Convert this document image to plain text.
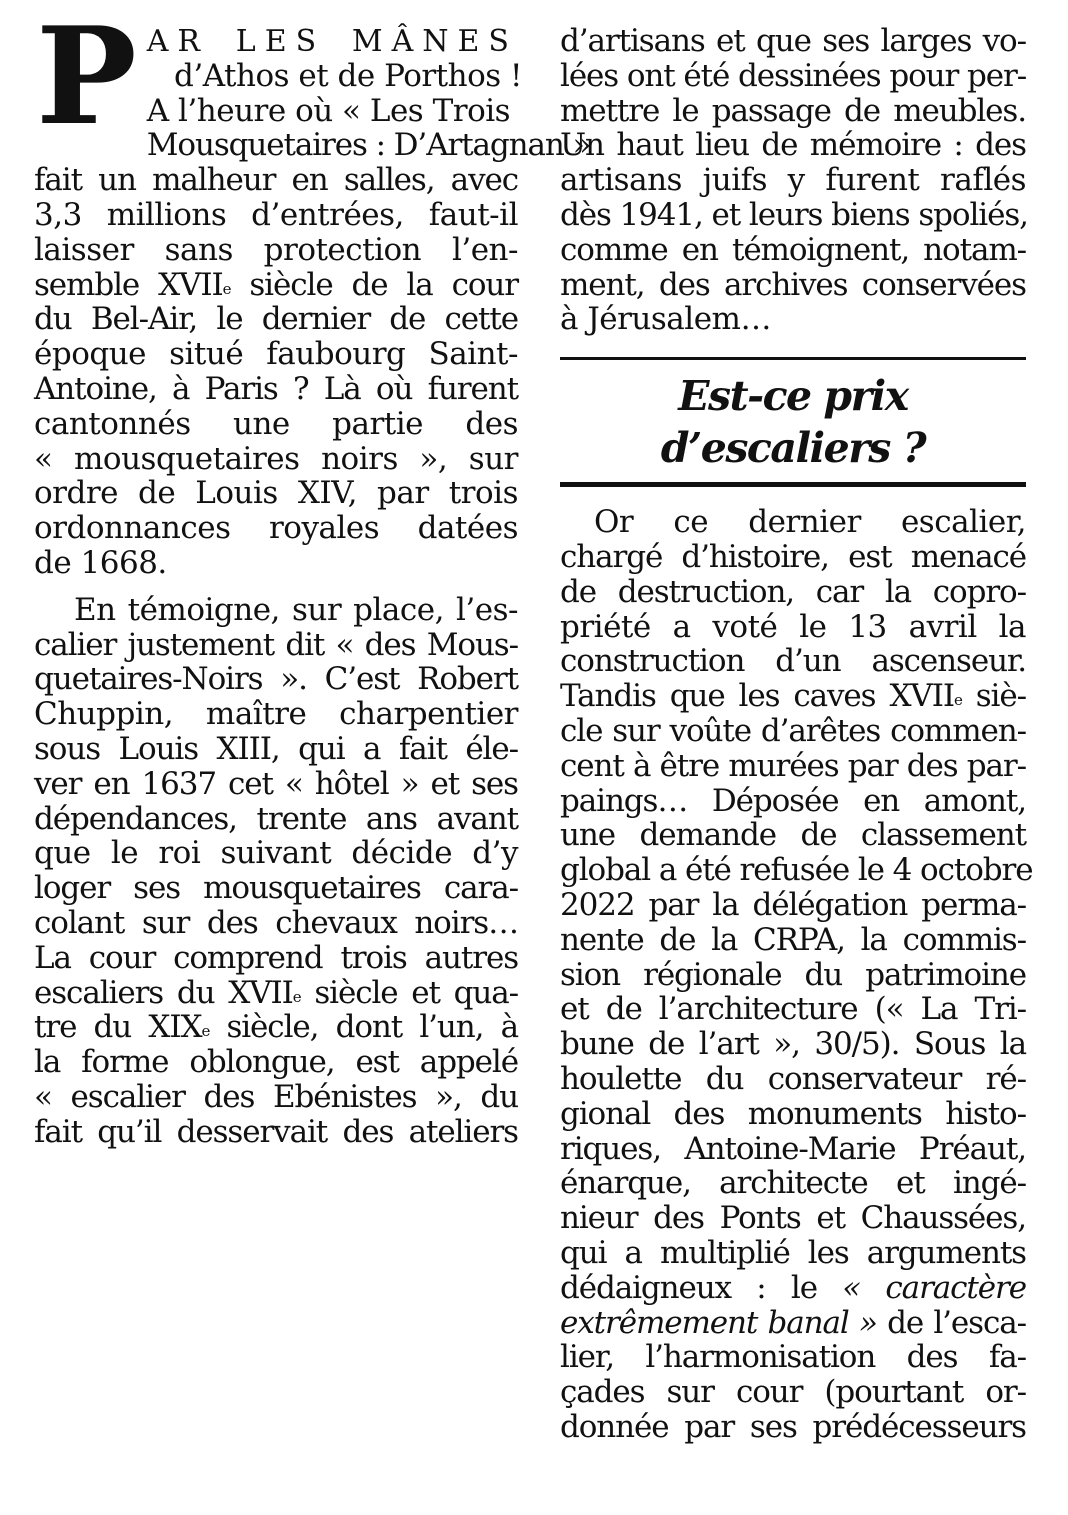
P AR LES MÂNES
d’Athos et de Porthos !
A l’heure où « Les Trois
Mousquetaires : D’Artagnan »
fait un malheur en salles, avec
3,3 millions d’entrées, faut-il
laisser sans protection l’en-
semble XVIIe siècle de la cour
du Bel-Air, le dernier de cette
époque situé faubourg Saint-
Antoine, à Paris ? Là où furent
cantonnés une partie des
« mousquetaires noirs », sur
ordre de Louis XIV, par trois
ordonnances royales datées
de 1668.
En témoigne, sur place, l’es-
calier justement dit « des Mous-
quetaires-Noirs ». C’est Robert
Chuppin, maître charpentier
sous Louis XIII, qui a fait éle-
ver en 1637 cet « hôtel » et ses
dépendances, trente ans avant
que le roi suivant décide d’y
loger ses mousquetaires cara-
colant sur des chevaux noirs…
La cour comprend trois autres
escaliers du XVIIe siècle et qua-
tre du XIXe siècle, dont l’un, à
la forme oblongue, est appelé
« escalier des Ebénistes », du
fait qu’il desservait des ateliers
d’artisans et que ses larges vo-
lées ont été dessinées pour per-
mettre le passage de meubles.
Un haut lieu de mémoire : des
artisans juifs y furent raflés
dès 1941, et leurs biens spoliés,
comme en témoignent, notam-
ment, des archives conservées
à Jérusalem…
Est-ce prix
d’escaliers ?
Or ce dernier escalier,
chargé d’histoire, est menacé
de destruction, car la copro-
priété a voté le 13 avril la
construction d’un ascenseur.
Tandis que les caves XVIIe siè-
cle sur voûte d’arêtes commen-
cent à être murées par des par-
paings… Déposée en amont,
une demande de classement
global a été refusée le 4 octobre
2022 par la délégation perma-
nente de la CRPA, la commis-
sion régionale du patrimoine
et de l’architecture (« La Tri-
bune de l’art », 30/5). Sous la
houlette du conservateur ré-
gional des monuments histo-
riques, Antoine-Marie Préaut,
énarque, architecte et ingé-
nieur des Ponts et Chaussées,
qui a multiplié les arguments
dédaigneux : le « caractère
extrêmement banal » de l’esca-
lier, l’harmonisation des fa-
çades sur cour (pourtant or-
donnée par ses prédécesseurs
